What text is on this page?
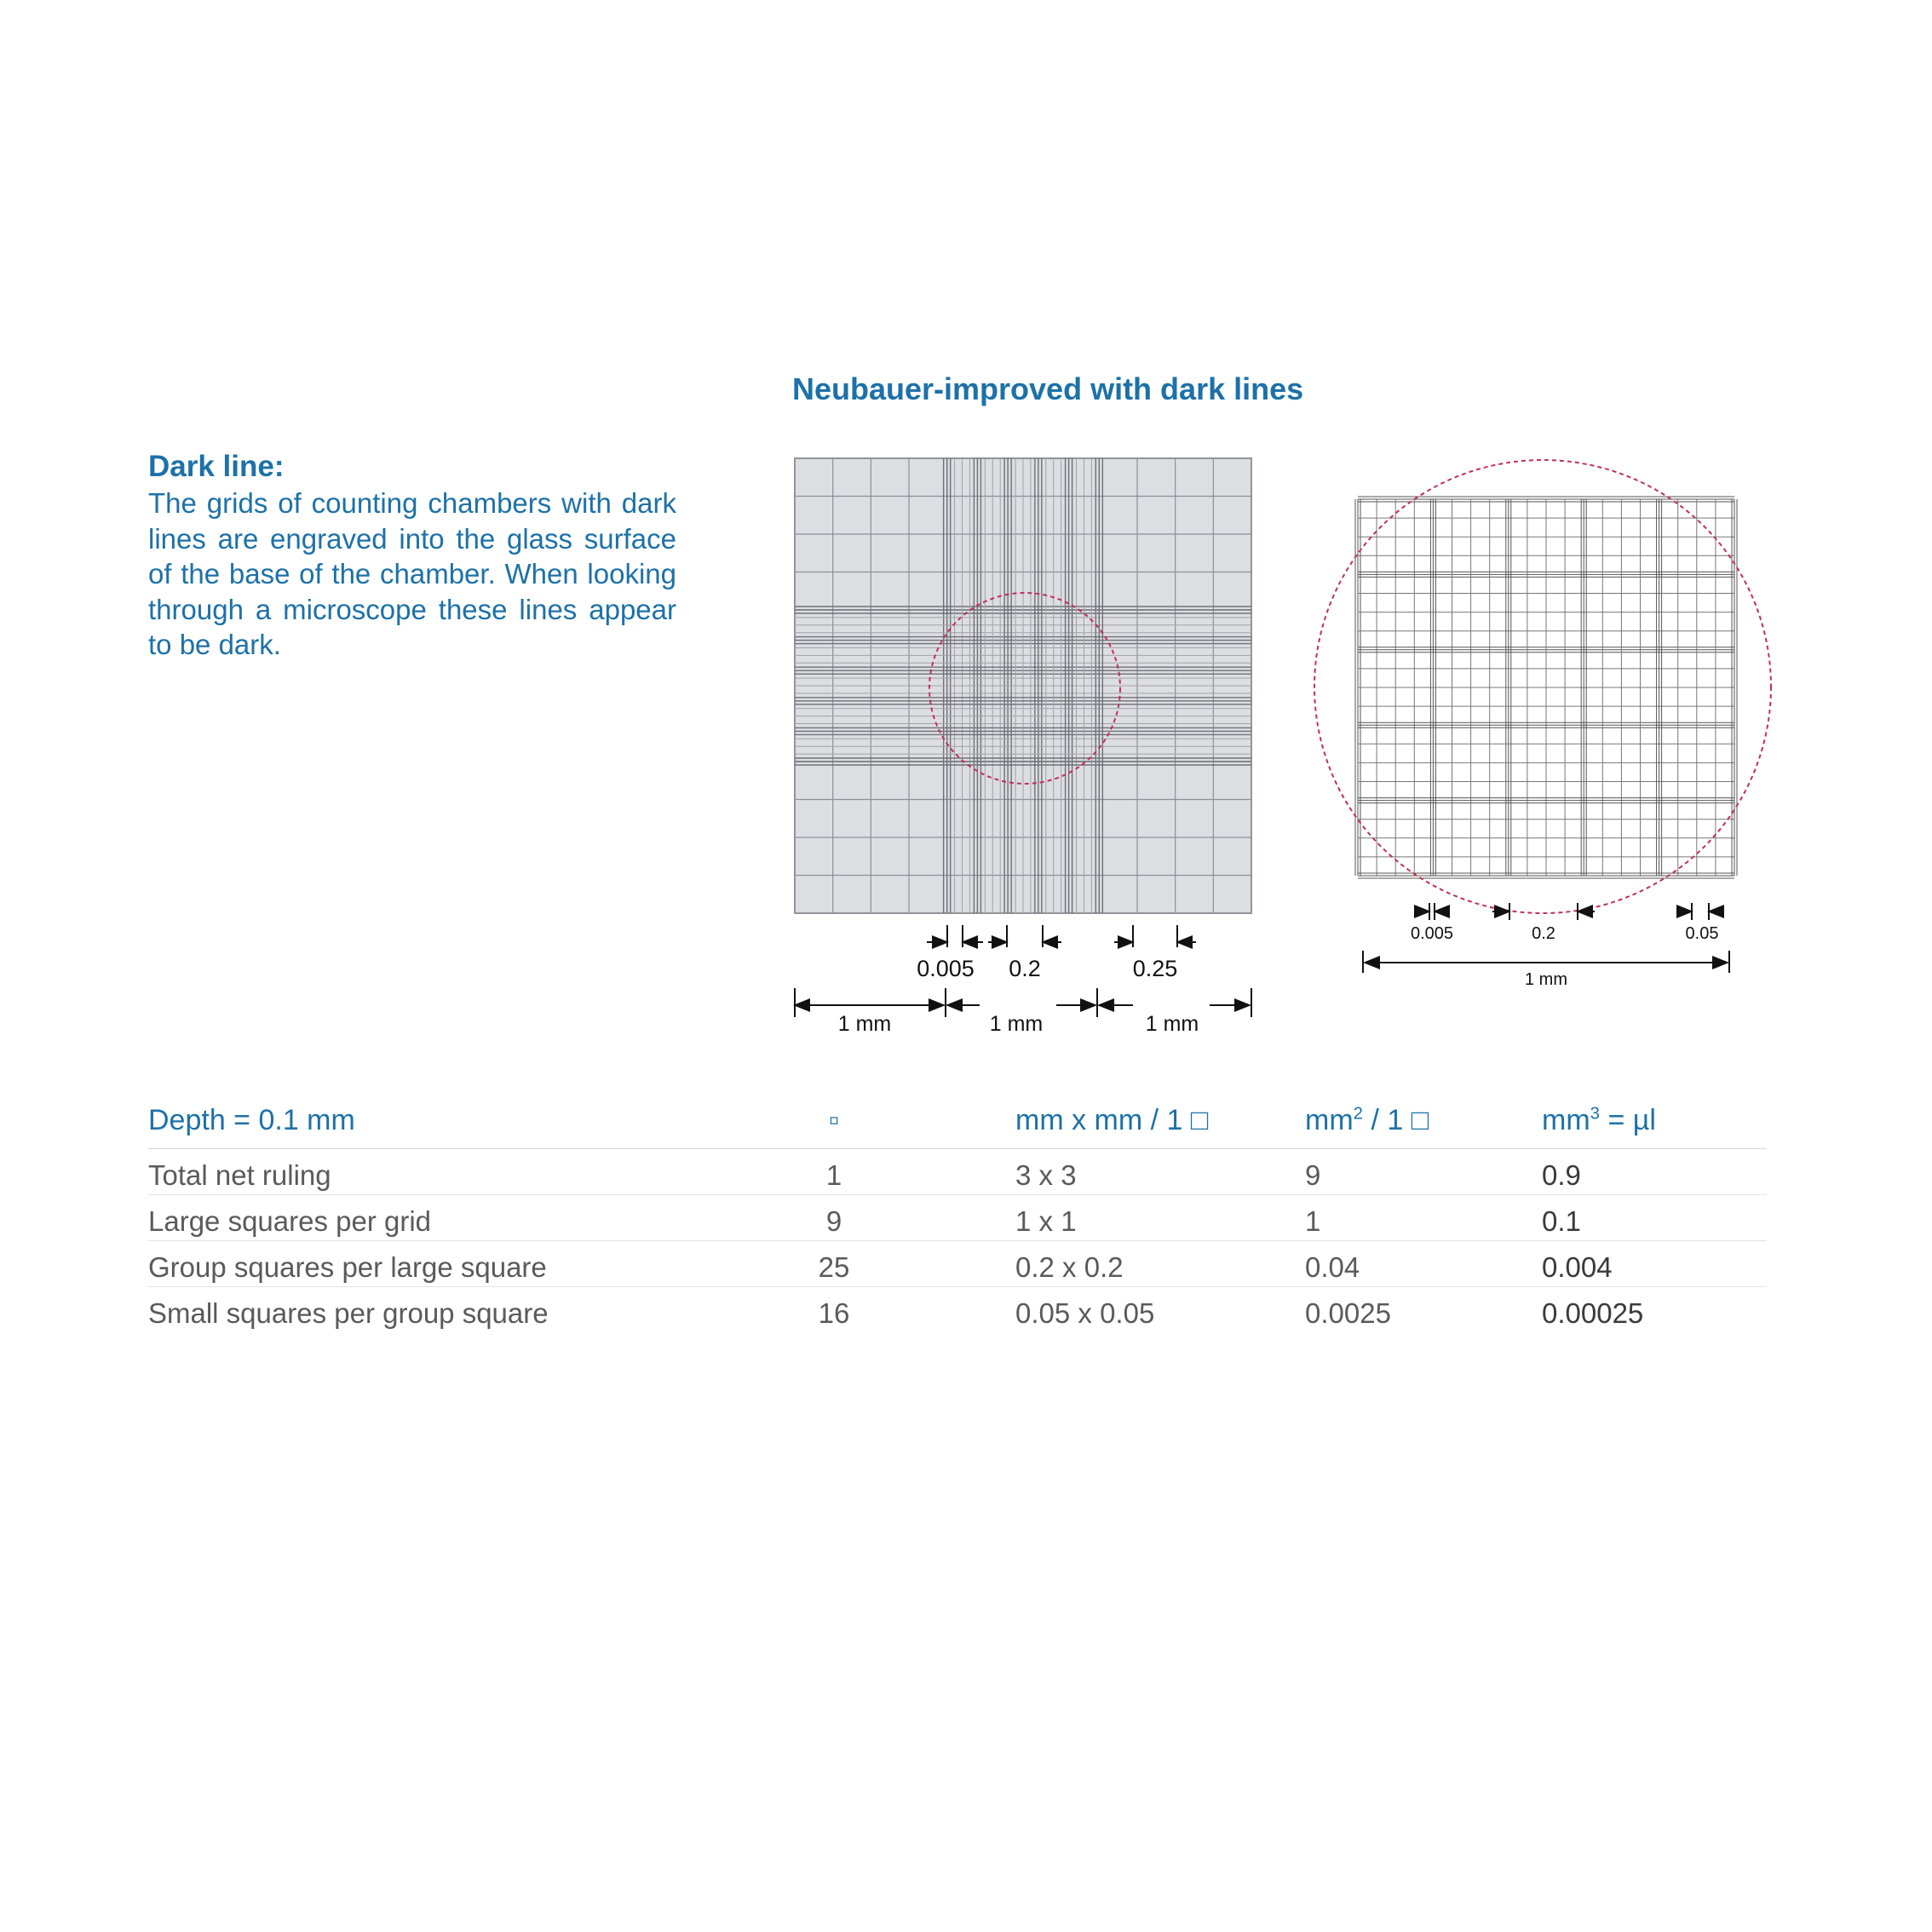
Neubauer-improved with dark lines
Dark line:
The grids of counting chambers with dark lines are engraved into the glass surface of the base of the chamber. When looking through a microscope these lines appear to be dark.
0.005 0.2	0.25
1 mm	1 mm	1 mm
0.005	0.2	0.05
1 mm
Depth = 0.1 mm	▫	mm x mm / 1 □	$mm^2 / 1$ □	$mm^3 = \mu l$
Total net ruling	1	3 x 3	9	0.9
Large squares per grid	9	1 x 1	1	0.1
Group squares per large square	25	0.2 x 0.2	0.04	0.004
Small squares per group square	16	0.05 x 0.05	0.0025	0.00025
